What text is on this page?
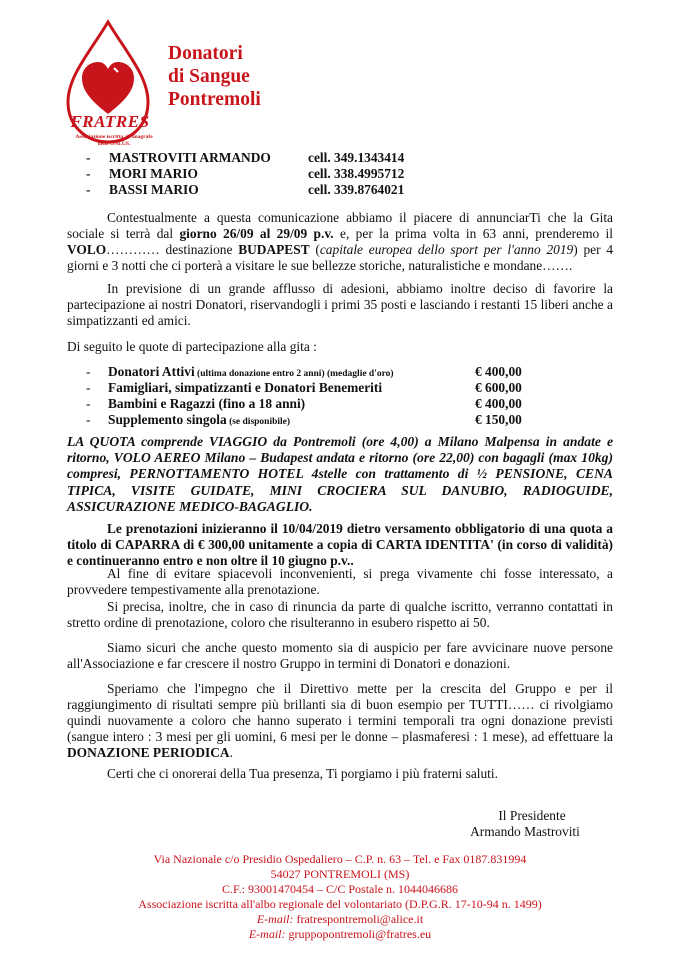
FRATRES
Associazione iscritta all'anagrafe delle ONLUS.
Donatori
di Sangue
Pontremoli
- MASTROVITI ARMANDO	cell. 349.1343414
- MORI MARIO	cell. 338.4995712
- BASSI MARIO	cell. 339.8764021
Contestualmente a questa comunicazione abbiamo il piacere di annunciarTi che la Gita sociale si terrà dal giorno 26/09 al 29/09 p.v. e, per la prima volta in 63 anni, prenderemo il VOLO………… destinazione BUDAPEST (capitale europea dello sport per l'anno 2019) per 4 giorni e 3 notti che ci porterà a visitare le sue bellezze storiche, naturalistiche e mondane…….
In previsione di un grande afflusso di adesioni, abbiamo inoltre deciso di favorire la partecipazione ai nostri Donatori, riservandogli i primi 35 posti e lasciando i restanti 15 liberi anche a simpatizzanti ed amici.
Di seguito le quote di partecipazione alla gita :
- Donatori Attivi (ultima donazione entro 2 anni) (medaglie d'oro)	€ 400,00
- Famigliari, simpatizzanti e Donatori Benemeriti	€ 600,00
- Bambini e Ragazzi (fino a 18 anni)	€ 400,00
- Supplemento singola (se disponibile)	€ 150,00
LA QUOTA comprende VIAGGIO da Pontremoli (ore 4,00) a Milano Malpensa in andate e ritorno, VOLO AEREO Milano – Budapest andata e ritorno (ore 22,00) con bagagli (max 10kg) compresi, PERNOTTAMENTO HOTEL 4stelle con trattamento di ½ PENSIONE, CENA TIPICA, VISITE GUIDATE, MINI CROCIERA SUL DANUBIO, RADIOGUIDE, ASSICURAZIONE MEDICO-BAGAGLIO.
Le prenotazioni inizieranno il 10/04/2019 dietro versamento obbligatorio di una quota a titolo di CAPARRA di € 300,00 unitamente a copia di CARTA IDENTITA' (in corso di validità) e continueranno entro e non oltre il 10 giugno p.v..
Al fine di evitare spiacevoli inconvenienti, si prega vivamente chi fosse interessato, a provvedere tempestivamente alla prenotazione.
Si precisa, inoltre, che in caso di rinuncia da parte di qualche iscritto, verranno contattati in stretto ordine di prenotazione, coloro che risulteranno in esubero rispetto ai 50.
Siamo sicuri che anche questo momento sia di auspicio per fare avvicinare nuove persone all'Associazione e far crescere il nostro Gruppo in termini di Donatori e donazioni.
Speriamo che l'impegno che il Direttivo mette per la crescita del Gruppo e per il raggiungimento di risultati sempre più brillanti sia di buon esempio per TUTTI…… ci rivolgiamo quindi nuovamente a coloro che hanno superato i termini temporali tra ogni donazione previsti (sangue intero : 3 mesi per gli uomini, 6 mesi per le donne – plasmaferesi : 1 mese), ad effettuare la DONAZIONE PERIODICA.
Certi che ci onorerai della Tua presenza, Ti porgiamo i più fraterni saluti.
Il Presidente
Armando Mastroviti
Via Nazionale c/o Presidio Ospedaliero – C.P. n. 63 – Tel. e Fax 0187.831994
54027 PONTREMOLI (MS)
C.F.: 93001470454 – C/C Postale n. 1044046686
Associazione iscritta all'albo regionale del volontariato (D.P.G.R. 17-10-94 n. 1499)
E-mail: fratrespontremoli@alice.it
E-mail: gruppopontremoli@fratres.eu
